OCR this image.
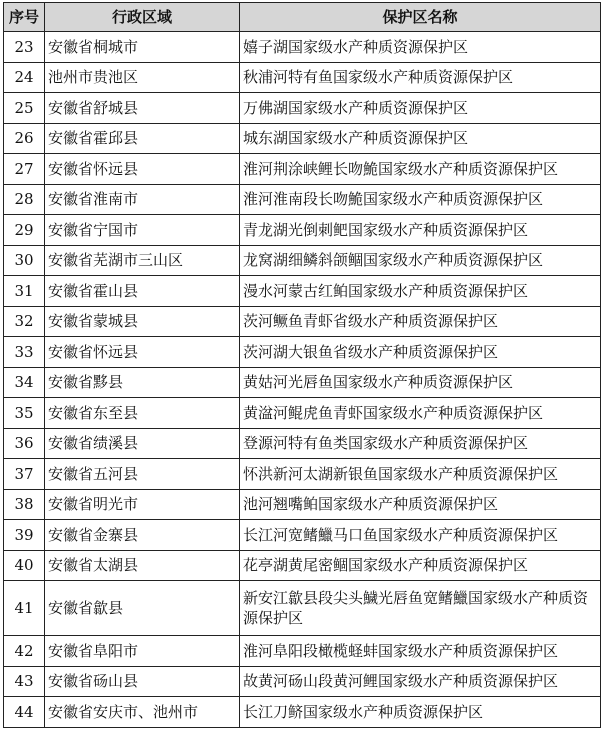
序号	行政区域	保护区名称
23	安徽省桐城市	嬉子湖国家级水产种质资源保护区
24	池州市贵池区	秋浦河特有鱼国家级水产种质资源保护区
25	安徽省舒城县	万佛湖国家级水产种质资源保护区
26	安徽省霍邱县	城东湖国家级水产种质资源保护区
27	安徽省怀远县	淮河荆涂峡鲤长吻鮠国家级水产种质资源保护区
28	安徽省淮南市	淮河淮南段长吻鮠国家级水产种质资源保护区
29	安徽省宁国市	青龙湖光倒刺鲃国家级水产种质资源保护区
30	安徽省芜湖市三山区	龙窝湖细鳞斜颌鲴国家级水产种质资源保护区
31	安徽省霍山县	漫水河蒙古红鲌国家级水产种质资源保护区
32	安徽省蒙城县	茨河鳜鱼青虾省级水产种质资源保护区
33	安徽省怀远县	茨河湖大银鱼省级水产种质资源保护区
34	安徽省黟县	黄姑河光唇鱼国家级水产种质资源保护区
35	安徽省东至县	黄湓河鲲虎鱼青虾国家级水产种质资源保护区
36	安徽省绩溪县	登源河特有鱼类国家级水产种质资源保护区
37	安徽省五河县	怀洪新河太湖新银鱼国家级水产种质资源保护区
38	安徽省明光市	池河翘嘴鲌国家级水产种质资源保护区
39	安徽省金寨县	长江河宽鳍鱲马口鱼国家级水产种质资源保护区
40	安徽省太湖县	花亭湖黄尾密鲴国家级水产种质资源保护区
41	安徽省歙县	新安江歙县段尖头鱥光唇鱼宽鳍鱲国家级水产种质资源保护区
42	安徽省阜阳市	淮河阜阳段橄榄蛏蚌国家级水产种质资源保护区
43	安徽省砀山县	故黄河砀山段黄河鲤国家级水产种质资源保护区
44	安徽省安庆市、池州市	长江刀鲚国家级水产种质资源保护区
